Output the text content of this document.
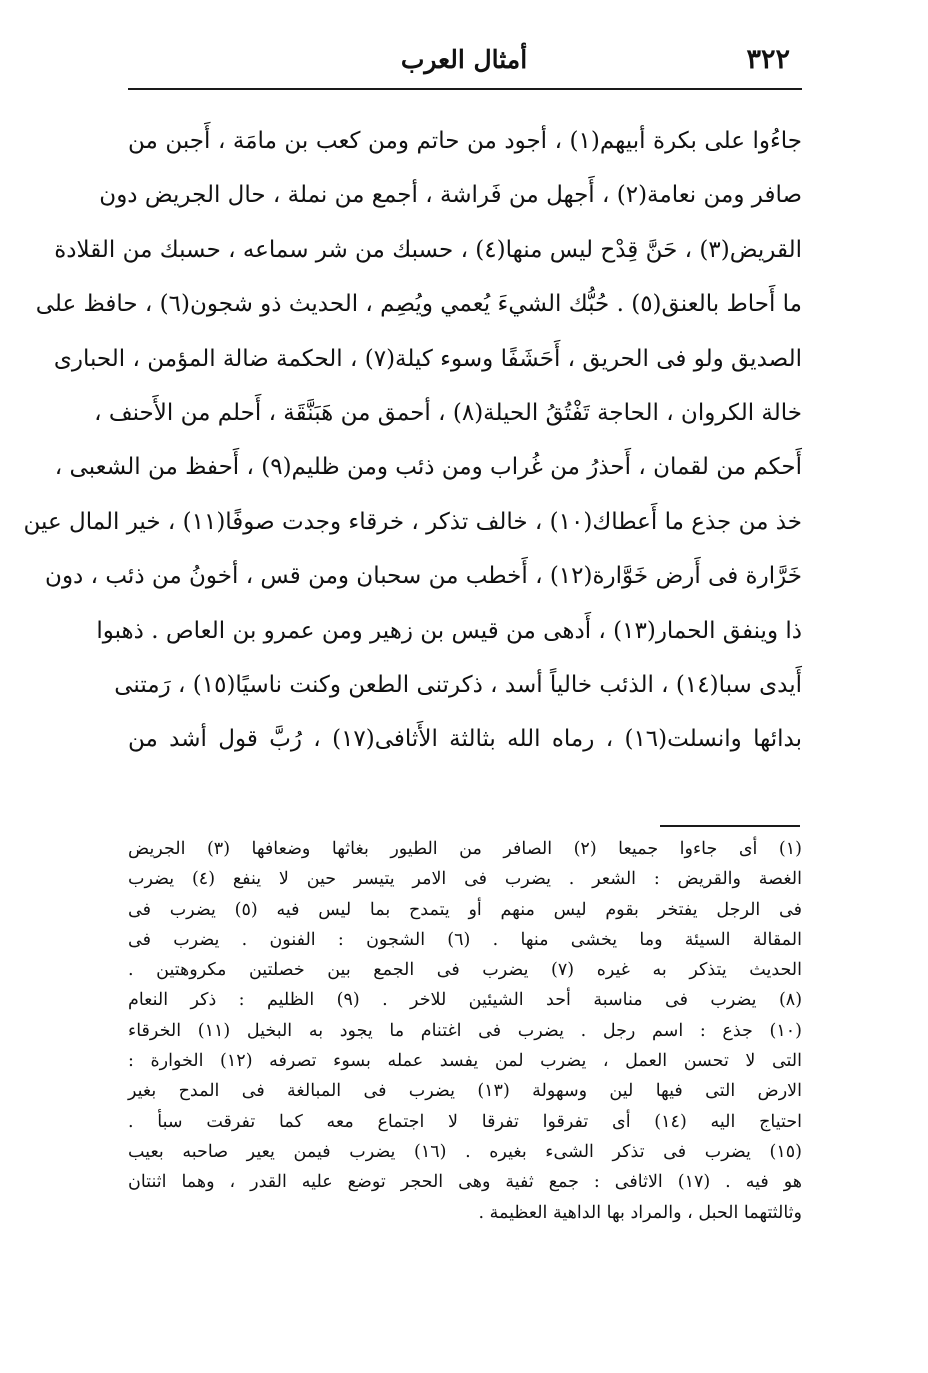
٣٢٢
أمثال العرب
جاءُوا على بكرة أبيهم(١) ، أجود من حاتم ومن كعب بن مامَة ، أَجبن من
صافر ومن نعامة(٢) ، أَجهل من فَراشة ، أجمع من نملة ، حال الجريض دون
القريض(٣) ، حَنَّ قِدْح ليس منها(٤) ، حسبك من شر سماعه ، حسبك من القلادة
ما أَحاط بالعنق(٥) . حُبُّك الشيءَ يُعمي ويُصِم ، الحديث ذو شجون(٦) ، حافظ على
الصديق ولو فى الحريق ، أَحَشَفًا وسوء كيلة(٧) ، الحكمة ضالة المؤمن ، الحبارى
خالة الكروان ، الحاجة تَفْتُقُ الحيلة(٨) ، أحمق من هَبَنَّقَة ، أَحلم من الأَحنف ،
أَحكم من لقمان ، أَحذرُ من غُراب ومن ذئب ومن ظليم(٩) ، أَحفظ من الشعبى ،
خذ من جذع ما أَعطاك(١٠) ، خالف تذكر ، خرقاء وجدت صوفًا(١١) ، خير المال عين
خَرَّارة فى أَرض خَوَّارة(١٢) ، أَخطب من سحبان ومن قس ، أخونُ من ذئب ، دون
ذا وينفق الحمار(١٣) ، أَدهى من قيس بن زهير ومن عمرو بن العاص . ذهبوا
أَيدى سبا(١٤) ، الذئب خالياً أسد ، ذكرتنى الطعن وكنت ناسيًا(١٥) ، رَمتنى
بدائها وانسلت(١٦) ، رماه الله بثالثة الأَثافى(١٧) ، رُبَّ قول أشد من
(١) أى جاءوا جميعا (٢) الصافر من الطيور بغاثها وضعافها (٣) الجريض
الغصة والقريض : الشعر . يضرب فى الامر يتيسر حين لا ينفع (٤) يضرب
فى الرجل يفتخر بقوم ليس منهم أو يتمدح بما ليس فيه (٥) يضرب فى
المقالة السيئة وما يخشى منها . (٦) الشجون : الفنون . يضرب فى
الحديث يتذكر به غيره (٧) يضرب فى الجمع بين خصلتين مكروهتين .
(٨) يضرب فى مناسبة أحد الشيئين للاخر . (٩) الظليم : ذكر النعام
(١٠) جذع : اسم رجل . يضرب فى اغتنام ما يجود به البخيل (١١) الخرقاء
التى لا تحسن العمل ، يضرب لمن يفسد عمله بسوء تصرفه (١٢) الخوارة :
الارض التى فيها لين وسهولة (١٣) يضرب فى المبالغة فى المدح بغير
احتياج اليه (١٤) أى تفرقوا تفرقا لا اجتماع معه كما تفرقت سبأ .
(١٥) يضرب فى تذكر الشىء بغيره . (١٦) يضرب فيمن يعير صاحبه بعيب
هو فيه . (١٧) الاثافى : جمع ثفية وهى الحجر توضع عليه القدر ، وهما اثنتان
وثالثتهما الحبل ، والمراد بها الداهية العظيمة .
